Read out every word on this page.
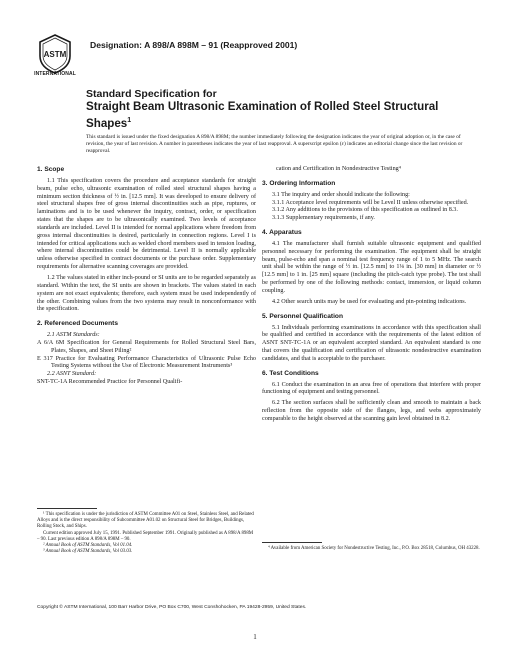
ASTM
INTERNATIONAL
Designation: A 898/A 898M – 91 (Reapproved 2001)
Standard Specification for
Straight Beam Ultrasonic Examination of Rolled Steel Structural Shapes$^1$
This standard is issued under the fixed designation A 898/A 898M; the number immediately following the designation indicates the year of original adoption or, in the case of revision, the year of last revision. A number in parentheses indicates the year of last reapproval. A superscript epsilon (ε) indicates an editorial change since the last revision or reapproval.

1. Scope

1.1 This specification covers the procedure and acceptance standards for straight beam, pulse echo, ultrasonic examination of rolled steel structural shapes having a minimum section thickness of ½ in. [12.5 mm]. It was developed to ensure delivery of steel structural shapes free of gross internal discontinuities such as pipe, ruptures, or laminations and is to be used whenever the inquiry, contract, order, or specification states that the shapes are to be ultrasonically examined. Two levels of acceptance standards are included. Level II is intended for normal applications where freedom from gross internal discontinuities is desired, particularly in connection regions. Level I is intended for critical applications such as welded chord members used in tension loading, where internal discontinuities could be detrimental. Level II is normally applicable unless otherwise specified in contract documents or the purchase order. Supplementary requirements for alternative scanning coverages are provided.

1.2 The values stated in either inch-pound or SI units are to be regarded separately as standard. Within the text, the SI units are shown in brackets. The values stated in each system are not exact equivalents; therefore, each system must be used independently of the other. Combining values from the two systems may result in nonconformance with the specification.

2. Referenced Documents

2.1 ASTM Standards:

A 6/A 6M Specification for General Requirements for Rolled Structural Steel Bars, Plates, Shapes, and Sheet Piling²

E 317 Practice for Evaluating Performance Characteristics of Ultrasonic Pulse Echo Testing Systems without the Use of Electronic Measurement Instruments³

2.2 ASNT Standard:

SNT-TC-1A Recommended Practice for Personnel Qualifi-

cation and Certification in Nondestructive Testing⁴

3. Ordering Information

3.1 The inquiry and order should indicate the following:

3.1.1 Acceptance level requirements will be Level II unless otherwise specified.

3.1.2 Any additions to the provisions of this specification as outlined in 8.3.

3.1.3 Supplementary requirements, if any.

4. Apparatus

4.1 The manufacturer shall furnish suitable ultrasonic equipment and qualified personnel necessary for performing the examination. The equipment shall be straight beam, pulse-echo and span a nominal test frequency range of 1 to 5 MHz. The search unit shall be within the range of ½ in. [12.5 mm] to 1⅛ in. [30 mm] in diameter or ½ [12.5 mm] to 1 in. [25 mm] square (including the pitch-catch type probe). The test shall be performed by one of the following methods: contact, immersion, or liquid column coupling.

4.2 Other search units may be used for evaluating and pin-pointing indications.

5. Personnel Qualification

5.1 Individuals performing examinations in accordance with this specification shall be qualified and certified in accordance with the requirements of the latest edition of ASNT SNT-TC-1A or an equivalent accepted standard. An equivalent standard is one that covers the qualification and certification of ultrasonic nondestructive examination candidates, and that is acceptable to the purchaser.

6. Test Conditions

6.1 Conduct the examination in an area free of operations that interfere with proper functioning of equipment and testing personnel.

6.2 The section surfaces shall be sufficiently clean and smooth to maintain a back reflection from the opposite side of the flanges, legs, and webs approximately comparable to the height observed at the scanning gain level obtained in 8.2.

¹ This specification is under the jurisdiction of ASTM Committee A01 on Steel, Stainless Steel, and Related Alloys and is the direct responsibility of Subcommittee A01.02 on Structural Steel for Bridges, Buildings, Rolling Stock, and Ships.

Current edition approved July 15, 1991. Published September 1991. Originally published as A 898/A 898M – 90. Last previous edition A 898/A 898M – 90.

² Annual Book of ASTM Standards, Vol 01.04.

³ Annual Book of ASTM Standards, Vol 03.03.

⁴ Available from American Society for Nondestructive Testing, Inc., P.O. Box 28518, Columbus, OH 43228.

Copyright © ASTM International, 100 Barr Harbor Drive, PO Box C700, West Conshohocken, PA 19428-2959, United States.
1
